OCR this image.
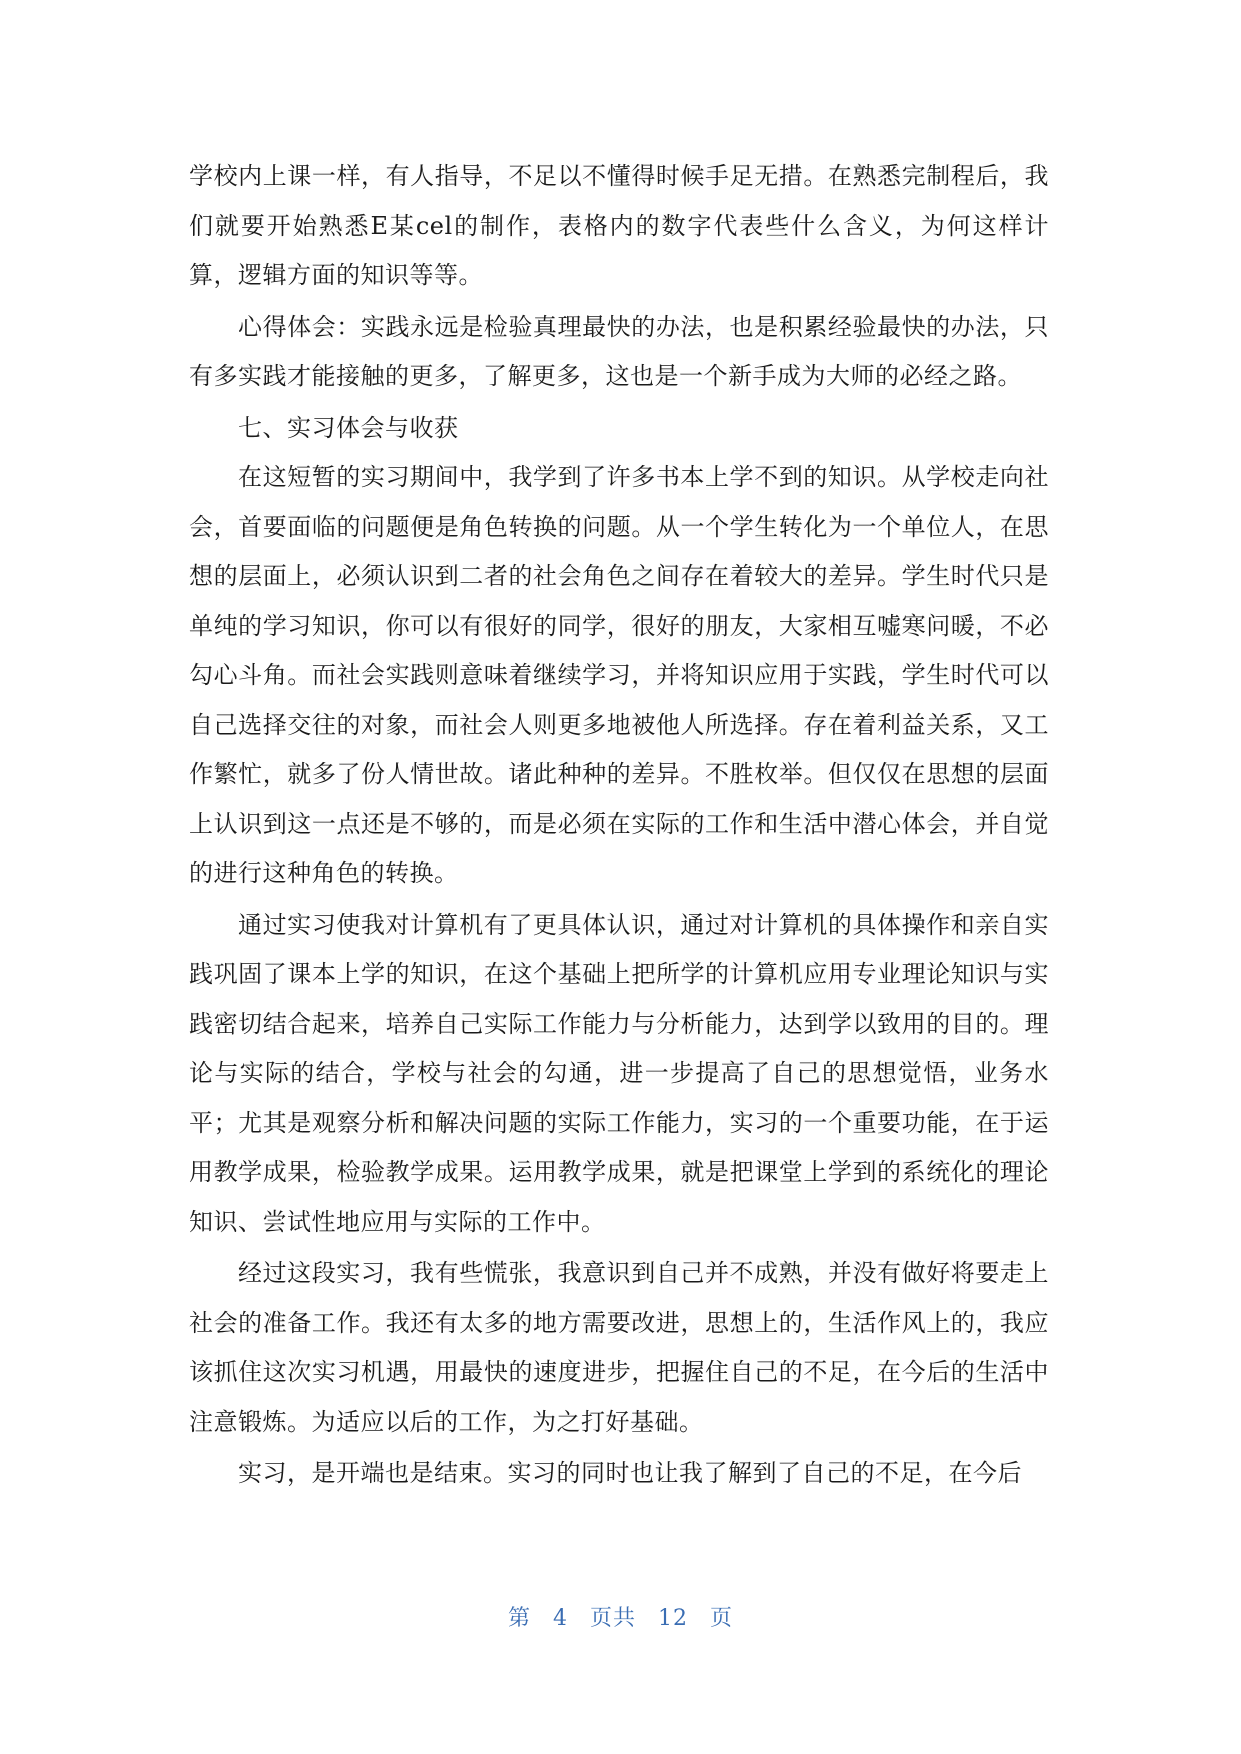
学校内上课一样，有人指导，不足以不懂得时候手足无措。在熟悉完制程后，我们就要开始熟悉E某cel的制作，表格内的数字代表些什么含义，为何这样计算，逻辑方面的知识等等。

心得体会：实践永远是检验真理最快的办法，也是积累经验最快的办法，只有多实践才能接触的更多，了解更多，这也是一个新手成为大师的必经之路。

七、实习体会与收获

在这短暂的实习期间中，我学到了许多书本上学不到的知识。从学校走向社会，首要面临的问题便是角色转换的问题。从一个学生转化为一个单位人，在思想的层面上，必须认识到二者的社会角色之间存在着较大的差异。学生时代只是单纯的学习知识，你可以有很好的同学，很好的朋友，大家相互嘘寒问暖，不必勾心斗角。而社会实践则意味着继续学习，并将知识应用于实践，学生时代可以自己选择交往的对象，而社会人则更多地被他人所选择。存在着利益关系，又工作繁忙，就多了份人情世故。诸此种种的差异。不胜枚举。但仅仅在思想的层面上认识到这一点还是不够的，而是必须在实际的工作和生活中潜心体会，并自觉的进行这种角色的转换。

通过实习使我对计算机有了更具体认识，通过对计算机的具体操作和亲自实践巩固了课本上学的知识，在这个基础上把所学的计算机应用专业理论知识与实践密切结合起来，培养自己实际工作能力与分析能力，达到学以致用的目的。理论与实际的结合，学校与社会的勾通，进一步提高了自己的思想觉悟，业务水平；尤其是观察分析和解决问题的实际工作能力，实习的一个重要功能，在于运用教学成果，检验教学成果。运用教学成果，就是把课堂上学到的系统化的理论知识、尝试性地应用与实际的工作中。

经过这段实习，我有些慌张，我意识到自己并不成熟，并没有做好将要走上社会的准备工作。我还有太多的地方需要改进，思想上的，生活作风上的，我应该抓住这次实习机遇，用最快的速度进步，把握住自己的不足，在今后的生活中注意锻炼。为适应以后的工作，为之打好基础。

实习，是开端也是结束。实习的同时也让我了解到了自己的不足，在今后

第 4 页共 12 页
